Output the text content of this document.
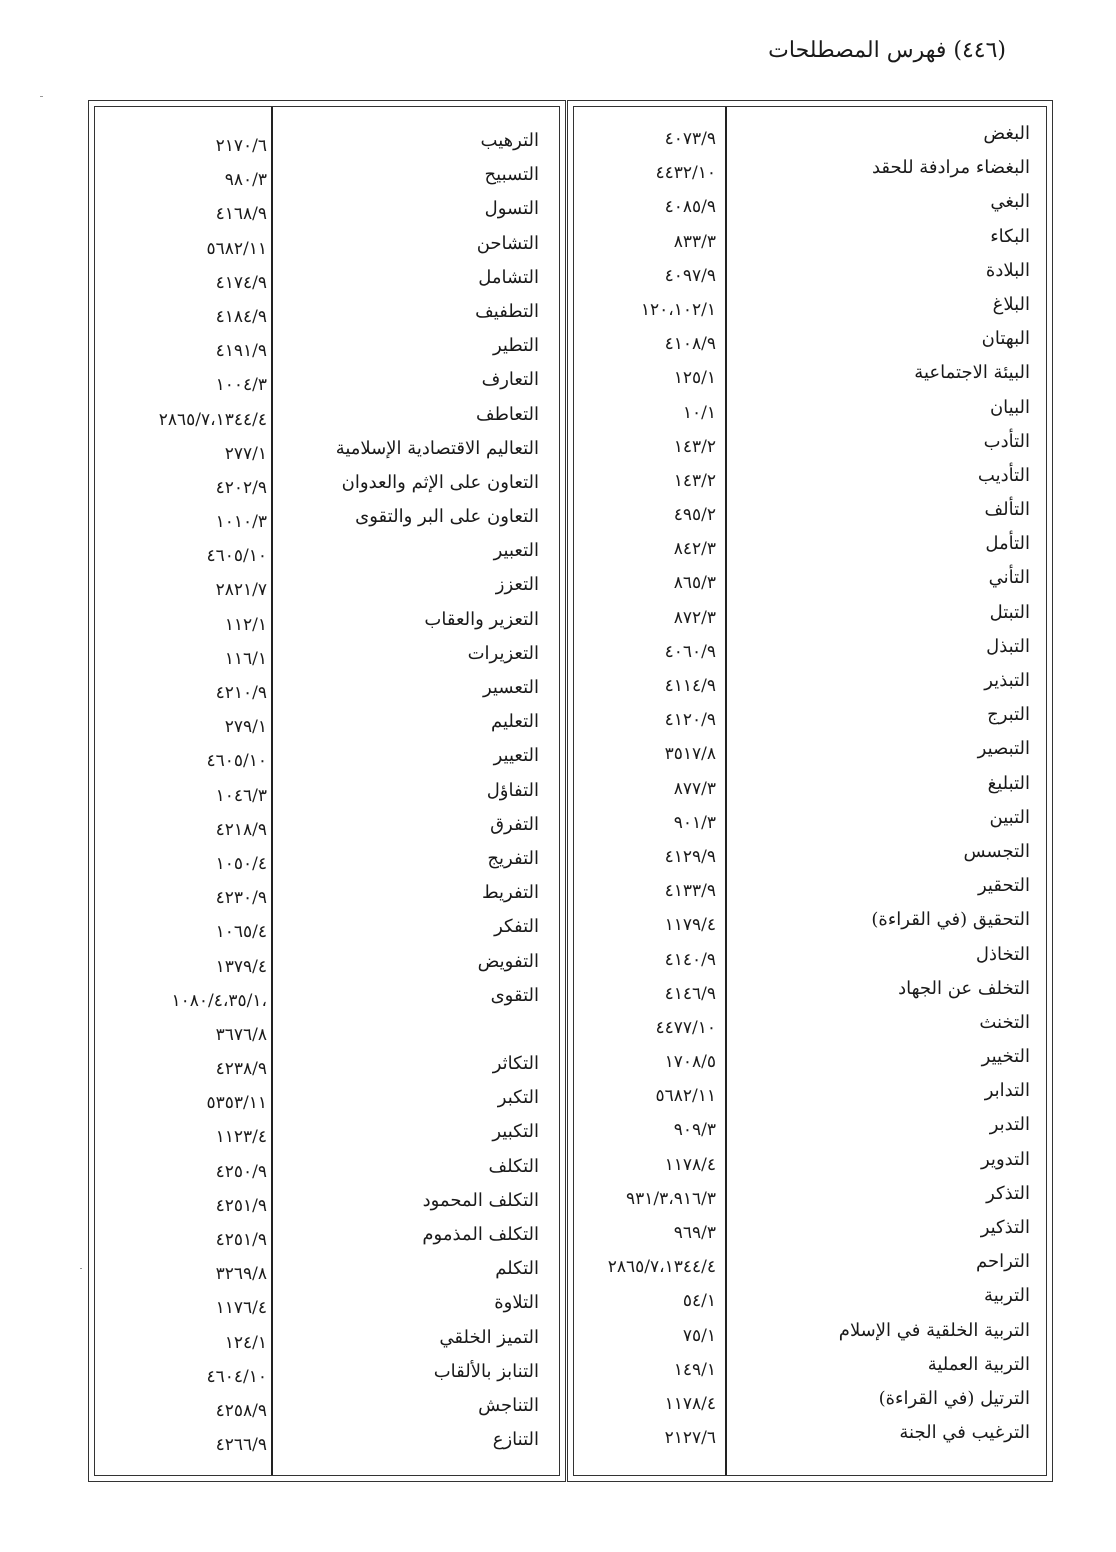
(٤٤٦) فهرس المصطلحات
الترهيب
٢١٧٠/٦
التسبيح
٩٨٠/٣
التسول
٤١٦٨/٩
التشاحن
٥٦٨٢/١١
التشامل
٤١٧٤/٩
التطفيف
٤١٨٤/٩
التطير
٤١٩١/٩
التعارف
١٠٠٤/٣
التعاطف
٢٨٦٥/٧،١٣٤٤/٤
التعاليم الاقتصادية الإسلامية
٢٧٧/١
التعاون على الإثم والعدوان
٤٢٠٢/٩
التعاون على البر والتقوى
١٠١٠/٣
التعبير
٤٦٠٥/١٠
التعزز
٢٨٢١/٧
التعزير والعقاب
١١٢/١
التعزيرات
١١٦/١
التعسير
٤٢١٠/٩
التعليم
٢٧٩/١
التعيير
٤٦٠٥/١٠
التفاؤل
١٠٤٦/٣
التفرق
٤٢١٨/٩
التفريج
١٠٥٠/٤
التفريط
٤٢٣٠/٩
التفكر
١٠٦٥/٤
التفويض
١٣٧٩/٤
التقوى
١٠٨٠/٤،٣٥/١،
٣٦٧٦/٨
التكاثر
٤٢٣٨/٩
التكبر
٥٣٥٣/١١
التكبير
١١٢٣/٤
التكلف
٤٢٥٠/٩
التكلف المحمود
٤٢٥١/٩
التكلف المذموم
٤٢٥١/٩
التكلم
٣٢٦٩/٨
التلاوة
١١٧٦/٤
التميز الخلقي
١٢٤/١
التنابز بالألقاب
٤٦٠٤/١٠
التناجش
٤٢٥٨/٩
التنازع
٤٢٦٦/٩
البغض
٤٠٧٣/٩
البغضاء مرادفة للحقد
٤٤٣٢/١٠
البغي
٤٠٨٥/٩
البكاء
٨٣٣/٣
البلادة
٤٠٩٧/٩
البلاغ
١٢٠،١٠٢/١
البهتان
٤١٠٨/٩
البيئة الاجتماعية
١٢٥/١
البيان
١٠/١
التأدب
١٤٣/٢
التأديب
١٤٣/٢
التألف
٤٩٥/٢
التأمل
٨٤٢/٣
التأني
٨٦٥/٣
التبتل
٨٧٢/٣
التبذل
٤٠٦٠/٩
التبذير
٤١١٤/٩
التبرج
٤١٢٠/٩
التبصير
٣٥١٧/٨
التبليغ
٨٧٧/٣
التبين
٩٠١/٣
التجسس
٤١٢٩/٩
التحقير
٤١٣٣/٩
التحقيق (في القراءة)
١١٧٩/٤
التخاذل
٤١٤٠/٩
التخلف عن الجهاد
٤١٤٦/٩
التخنث
٤٤٧٧/١٠
التخيير
١٧٠٨/٥
التدابر
٥٦٨٢/١١
التدبر
٩٠٩/٣
التدوير
١١٧٨/٤
التذكر
٩٣١/٣،٩١٦/٣
التذكير
٩٦٩/٣
التراحم
٢٨٦٥/٧،١٣٤٤/٤
التربية
٥٤/١
التربية الخلقية في الإسلام
٧٥/١
التربية العملية
١٤٩/١
الترتيل (في القراءة)
١١٧٨/٤
الترغيب في الجنة
٢١٢٧/٦
